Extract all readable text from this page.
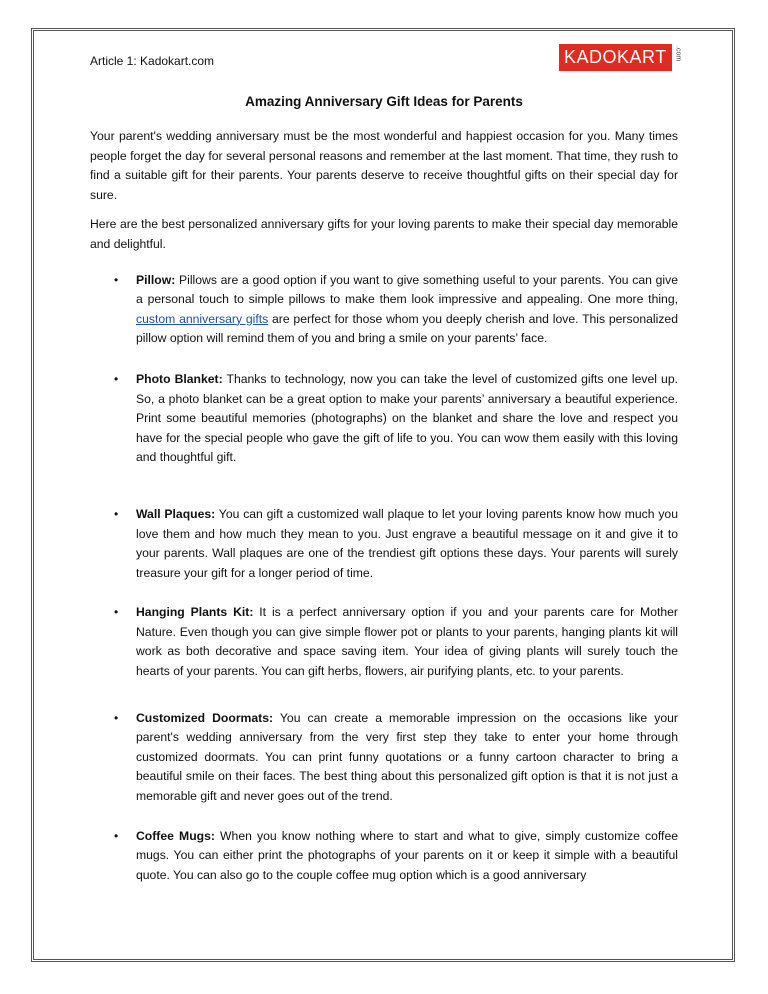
Article 1: Kadokart.com	KADOKART	.com
Amazing Anniversary Gift Ideas for Parents

Your parent's wedding anniversary must be the most wonderful and happiest occasion for you. Many times people forget the day for several personal reasons and remember at the last moment. That time, they rush to find a suitable gift for their parents. Your parents deserve to receive thoughtful gifts on their special day for sure.

Here are the best personalized anniversary gifts for your loving parents to make their special day memorable and delightful.

• Pillow: Pillows are a good option if you want to give something useful to your parents. You can give a personal touch to simple pillows to make them look impressive and appealing. One more thing, custom anniversary gifts are perfect for those whom you deeply cherish and love. This personalized pillow option will remind them of you and bring a smile on your parents’ face.
• Photo Blanket: Thanks to technology, now you can take the level of customized gifts one level up. So, a photo blanket can be a great option to make your parents’ anniversary a beautiful experience. Print some beautiful memories (photographs) on the blanket and share the love and respect you have for the special people who gave the gift of life to you. You can wow them easily with this loving and thoughtful gift.
• Wall Plaques: You can gift a customized wall plaque to let your loving parents know how much you love them and how much they mean to you. Just engrave a beautiful message on it and give it to your parents. Wall plaques are one of the trendiest gift options these days. Your parents will surely treasure your gift for a longer period of time.
• Hanging Plants Kit: It is a perfect anniversary option if you and your parents care for Mother Nature. Even though you can give simple flower pot or plants to your parents, hanging plants kit will work as both decorative and space saving item. Your idea of giving plants will surely touch the hearts of your parents. You can gift herbs, flowers, air purifying plants, etc. to your parents.
• Customized Doormats: You can create a memorable impression on the occasions like your parent's wedding anniversary from the very first step they take to enter your home through customized doormats. You can print funny quotations or a funny cartoon character to bring a beautiful smile on their faces. The best thing about this personalized gift option is that it is not just a memorable gift and never goes out of the trend.
• Coffee Mugs: When you know nothing where to start and what to give, simply customize coffee mugs. You can either print the photographs of your parents on it or keep it simple with a beautiful quote. You can also go to the couple coffee mug option which is a good anniversary
